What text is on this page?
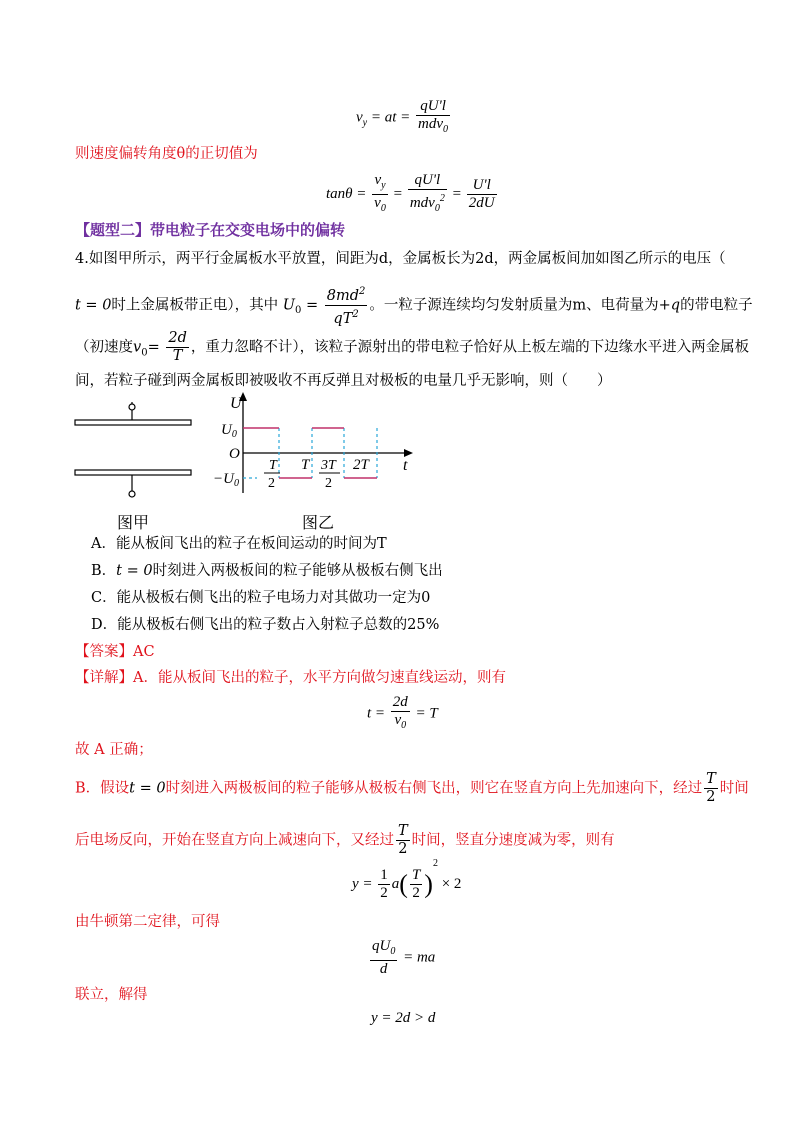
$v_y$ = at = $\frac{\text{qUʹl}}{mdv_0}$
则速度偏转角度θ的正切值为
$\tan\theta = \frac{v_y}{v_0} = \frac{\text{qUʹl}}{mdv_0^2} = \frac{\text{Uʹl}}{2dU}$
【题型二】带电粒子在交变电场中的偏转
4.如图甲所示，两平行金属板水平放置，间距为d，金属板长为2d，两金属板间加如图乙所示的电压（
t = 0时上金属板带正电），其中 $U_0 = \frac{8md^2}{qT^2}$ 。一粒子源连续均匀发射质量为m、电荷量为+q的带电粒子
（初速度$v_0= \frac{2d}{T}$ ，重力忽略不计），该粒子源射出的带电粒子恰好从上板左端的下边缘水平进入两金属板
间，若粒子碰到两金属板即被吸收不再反弹且对极板的电量几乎无影响，则（　　）
图甲
U
t
O
$U_0$
$-U_0$
T
2
T 3T
2
2T
图乙
A．能从板间飞出的粒子在板间运动的时间为T
B．t = 0时刻进入两极板间的粒子能够从极板右侧飞出
C．能从极板右侧飞出的粒子电场力对其做功一定为0
D．能从极板右侧飞出的粒子数占入射粒子总数的25%
【答案】AC
【详解】A．能从板间飞出的粒子，水平方向做匀速直线运动，则有
$t = \frac{2d}{v_0} = T$
故 A 正确；
B．假设t = 0时刻进入两极板间的粒子能够从极板右侧飞出，则它在竖直方向上先加速向下，经过 $\frac{T}{2}$ 时间
后电场反向，开始在竖直方向上减速向下，又经过 $\frac{T}{2}$ 时间，竖直分速度减为零，则有
$y = \frac{1}{2} a( \frac{T}{2} )^2 \times 2$
由牛顿第二定律，可得
$\frac{qU_0}{d}$ = ma
联立，解得
y = 2d > d
